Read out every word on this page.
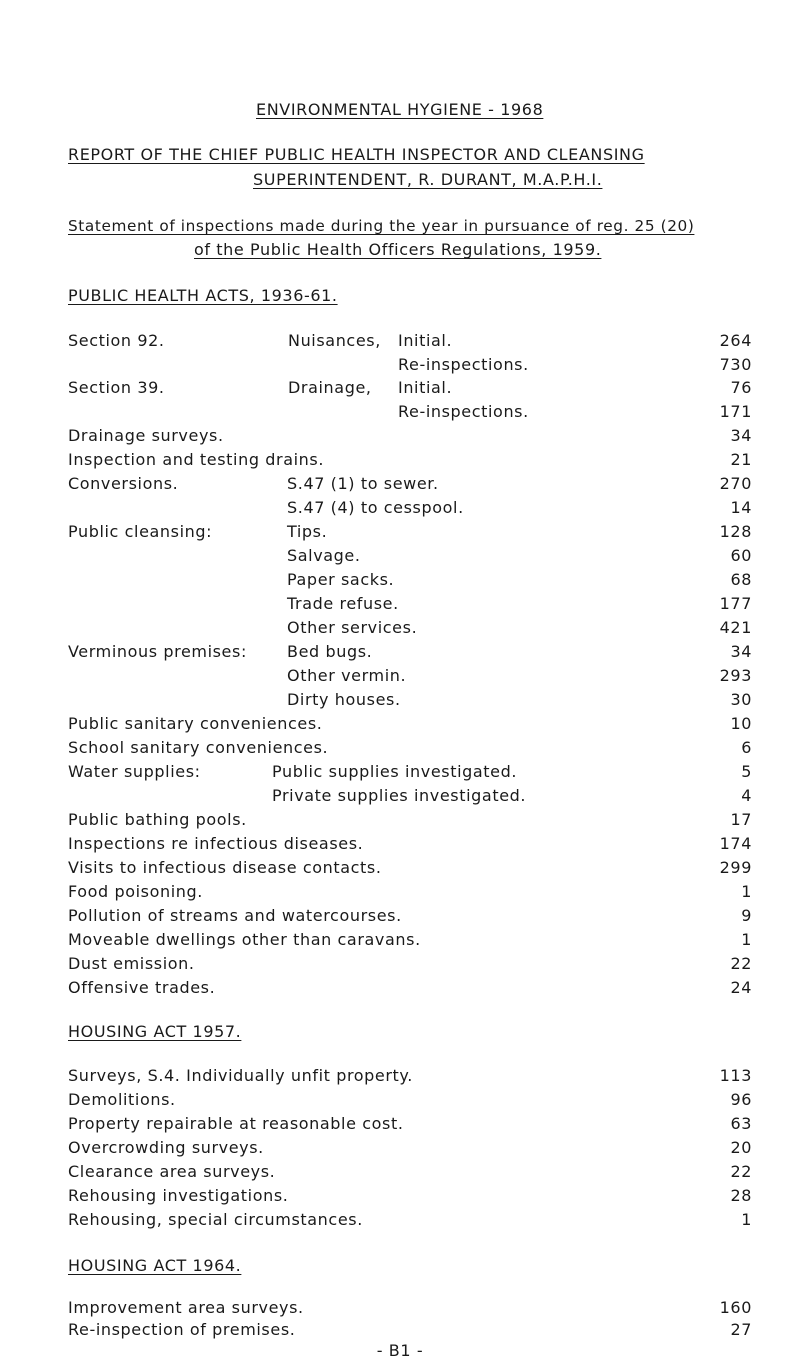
ENVIRONMENTAL HYGIENE - 1968
REPORT OF THE CHIEF PUBLIC HEALTH INSPECTOR AND CLEANSING
SUPERINTENDENT, R. DURANT, M.A.P.H.I.
Statement of inspections made during the year in pursuance of reg. 25 (20)
of the Public Health Officers Regulations, 1959.
PUBLIC HEALTH ACTS, 1936-61.
Section 92.	Nuisances, Initial.	264
Re-inspections.	730
Section 39.	Drainage, Initial.	76
Re-inspections.	171
Drainage surveys.	34
Inspection and testing drains.	21
Conversions.	S.47 (1) to sewer.	270
S.47 (4) to cesspool.	14
Public cleansing:	Tips.	128
Salvage.	60
Paper sacks.	68
Trade refuse.	177
Other services.	421
Verminous premises:	Bed bugs.	34
Other vermin.	293
Dirty houses.	30
Public sanitary conveniences.	10
School sanitary conveniences.	6
Water supplies:	Public supplies investigated.	5
Private supplies investigated.	4
Public bathing pools.	17
Inspections re infectious diseases.	174
Visits to infectious disease contacts.	299
Food poisoning.	1
Pollution of streams and watercourses.	9
Moveable dwellings other than caravans.	1
Dust emission.	22
Offensive trades.	24
HOUSING ACT 1957.
Surveys, S.4. Individually unfit property.	113
Demolitions.	96
Property repairable at reasonable cost.	63
Overcrowding surveys.	20
Clearance area surveys.	22
Rehousing investigations.	28
Rehousing, special circumstances.	1
HOUSING ACT 1964.
Improvement area surveys.	160
Re-inspection of premises.	27
- B1 -
